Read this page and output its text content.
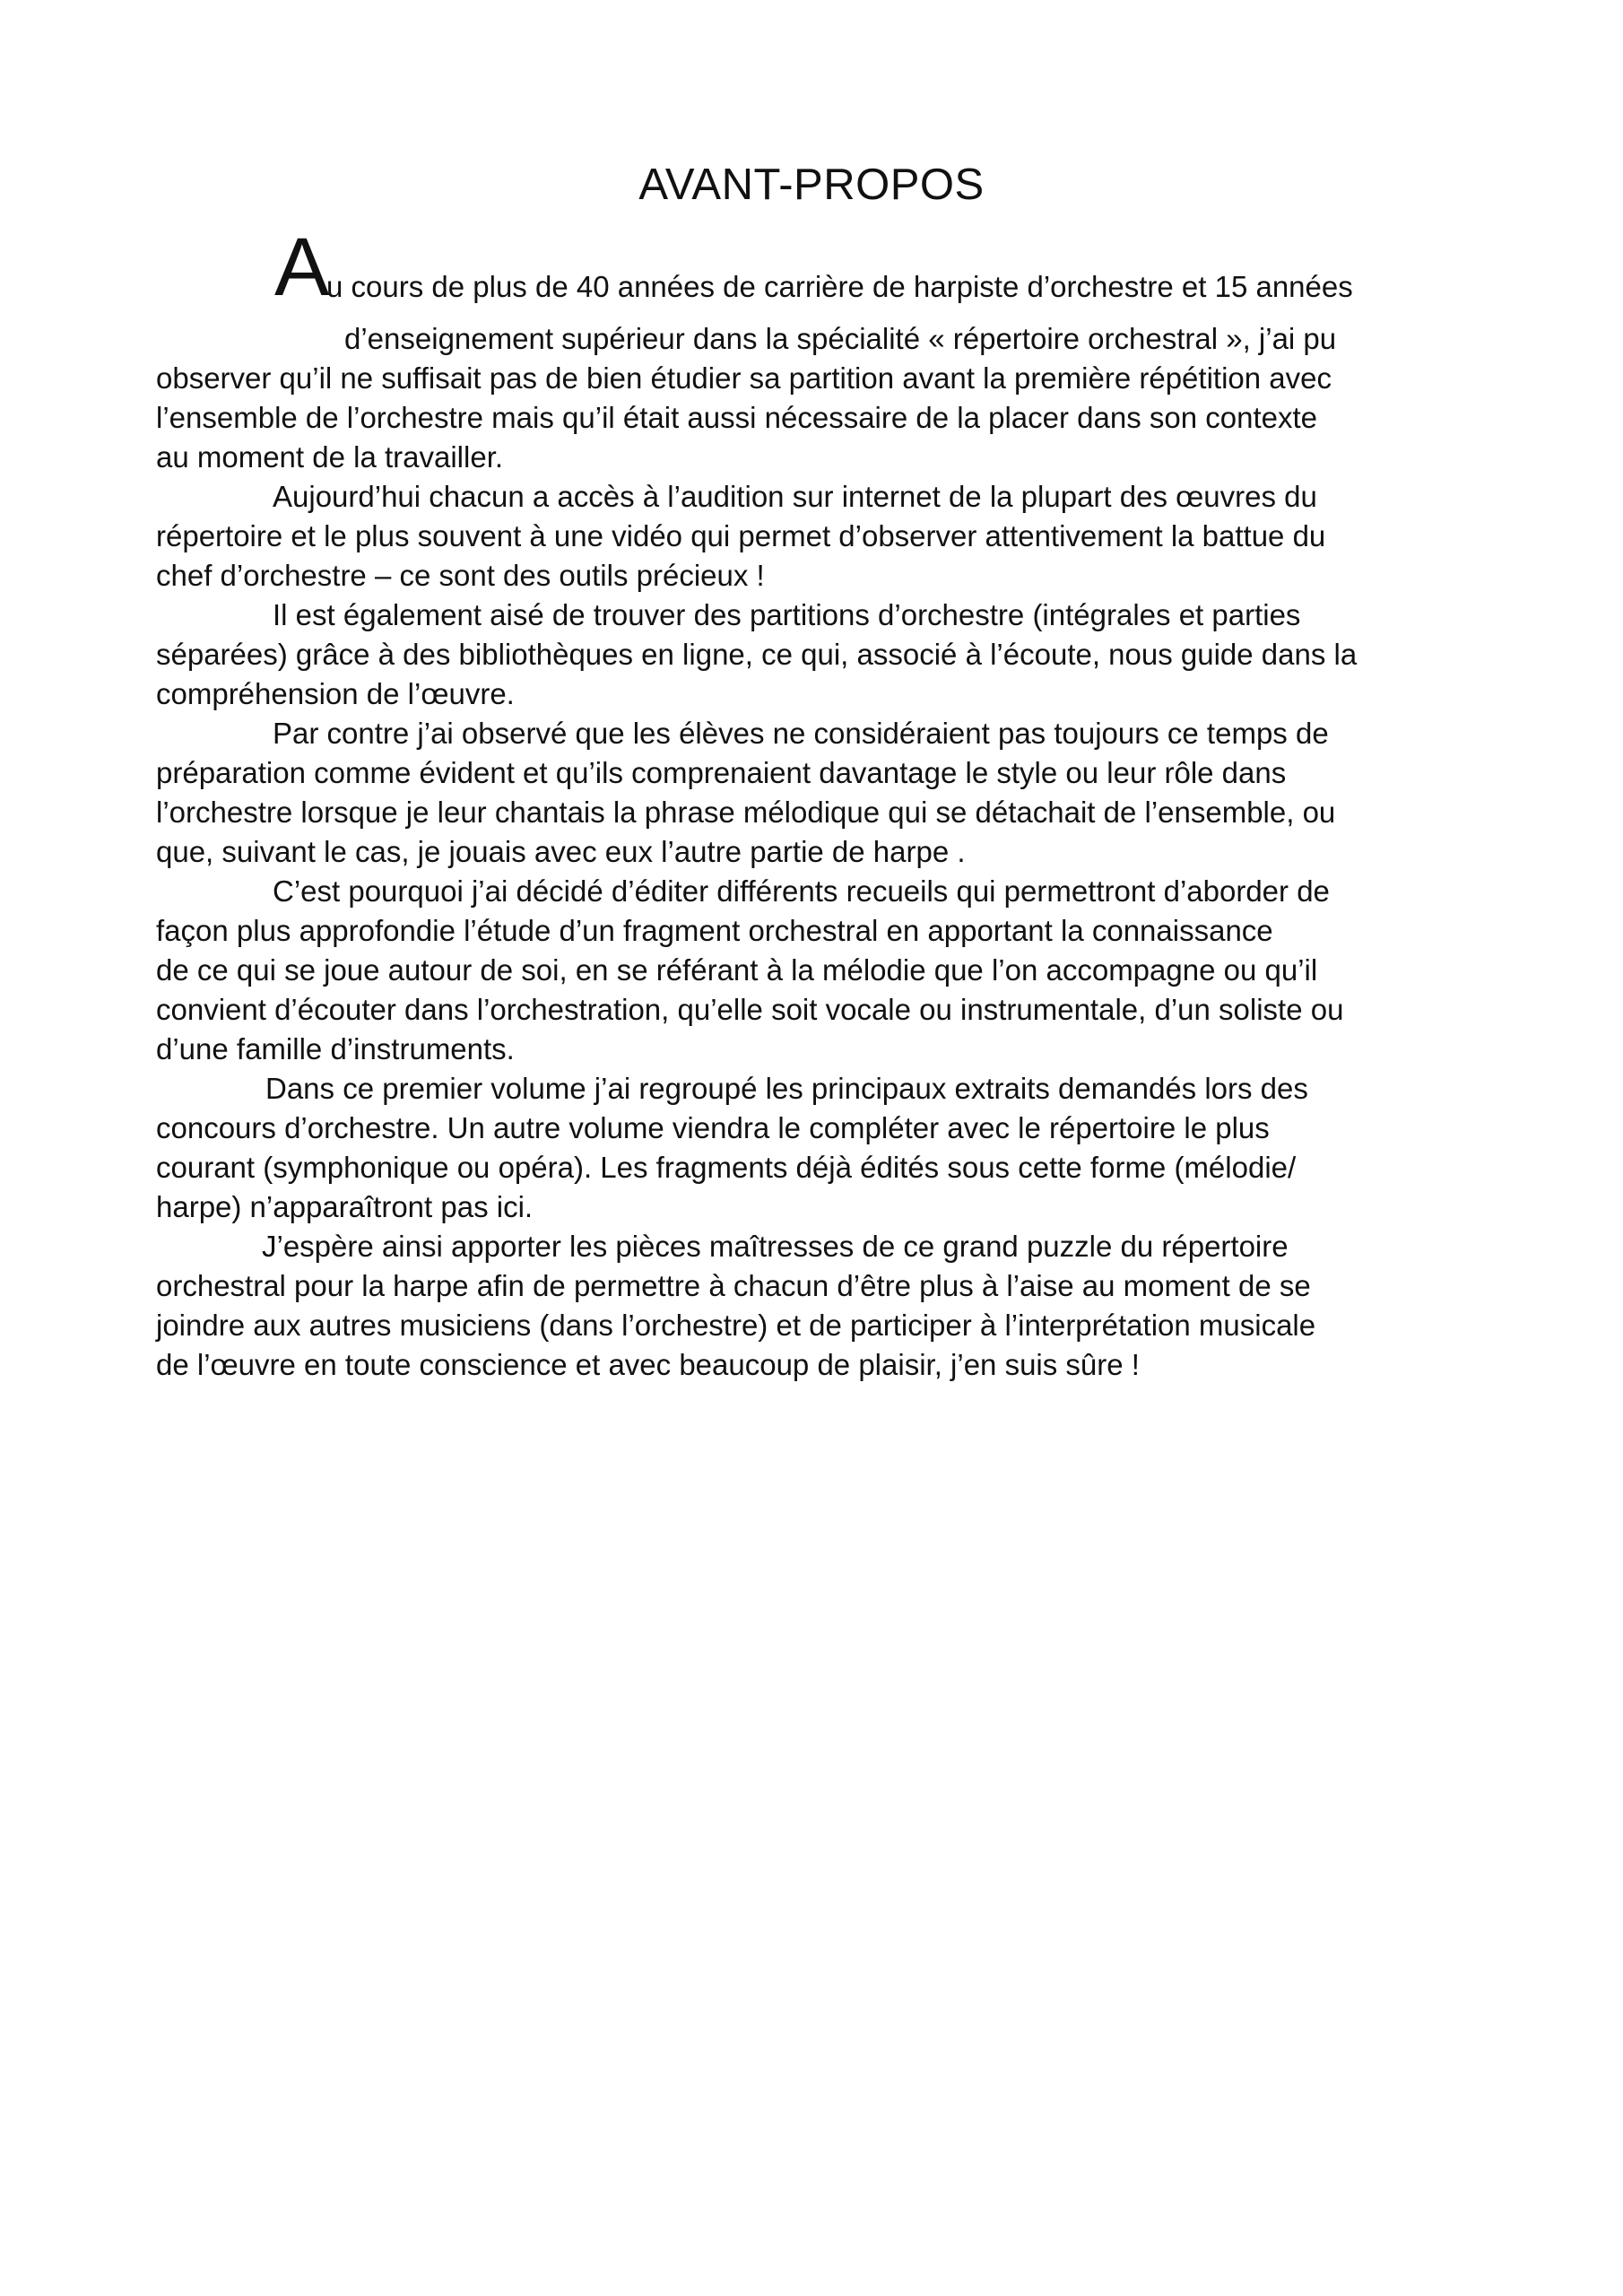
AVANT-PROPOS
A
u cours de plus de 40 années de carrière de harpiste d’orchestre et 15 années
d’enseignement supérieur dans la spécialité « répertoire orchestral », j’ai pu
observer qu’il ne suffisait pas de bien étudier sa partition avant la première répétition avec
l’ensemble de l’orchestre mais qu’il était aussi nécessaire de la placer dans son contexte
au moment de la travailler.
Aujourd’hui chacun a accès à l’audition sur internet de la plupart des œuvres du
répertoire et le plus souvent à une vidéo qui permet d’observer attentivement la battue du
chef d’orchestre – ce sont des outils précieux !
Il est également aisé de trouver des partitions d’orchestre (intégrales et parties
séparées) grâce à des bibliothèques en ligne, ce qui, associé à l’écoute, nous guide dans la
compréhension de l’œuvre.
Par contre j’ai observé que les élèves ne considéraient pas toujours ce temps de
préparation comme évident et qu’ils comprenaient davantage le style ou leur rôle dans
l’orchestre lorsque je leur chantais la phrase mélodique qui se détachait de l’ensemble, ou
que, suivant le cas, je jouais avec eux l’autre partie de harpe .
C’est pourquoi j’ai décidé d’éditer différents recueils qui permettront d’aborder de
façon plus approfondie l’étude d’un fragment orchestral en apportant la connaissance
de ce qui se joue autour de soi, en se référant à la mélodie que l’on accompagne ou qu’il
convient d’écouter dans l’orchestration, qu’elle soit vocale ou instrumentale, d’un soliste ou
d’une famille d’instruments.
Dans ce premier volume j’ai regroupé les principaux extraits demandés lors des
concours d’orchestre. Un autre volume viendra le compléter avec le répertoire le plus
courant (symphonique ou opéra). Les fragments déjà édités sous cette forme (mélodie/
harpe) n’apparaîtront pas ici.
J’espère ainsi apporter les pièces maîtresses de ce grand puzzle du répertoire
orchestral pour la harpe afin de permettre à chacun d’être plus à l’aise au moment de se
joindre aux autres musiciens (dans l’orchestre) et de participer à l’interprétation musicale
de l’œuvre en toute conscience et avec beaucoup de plaisir, j’en suis sûre !
